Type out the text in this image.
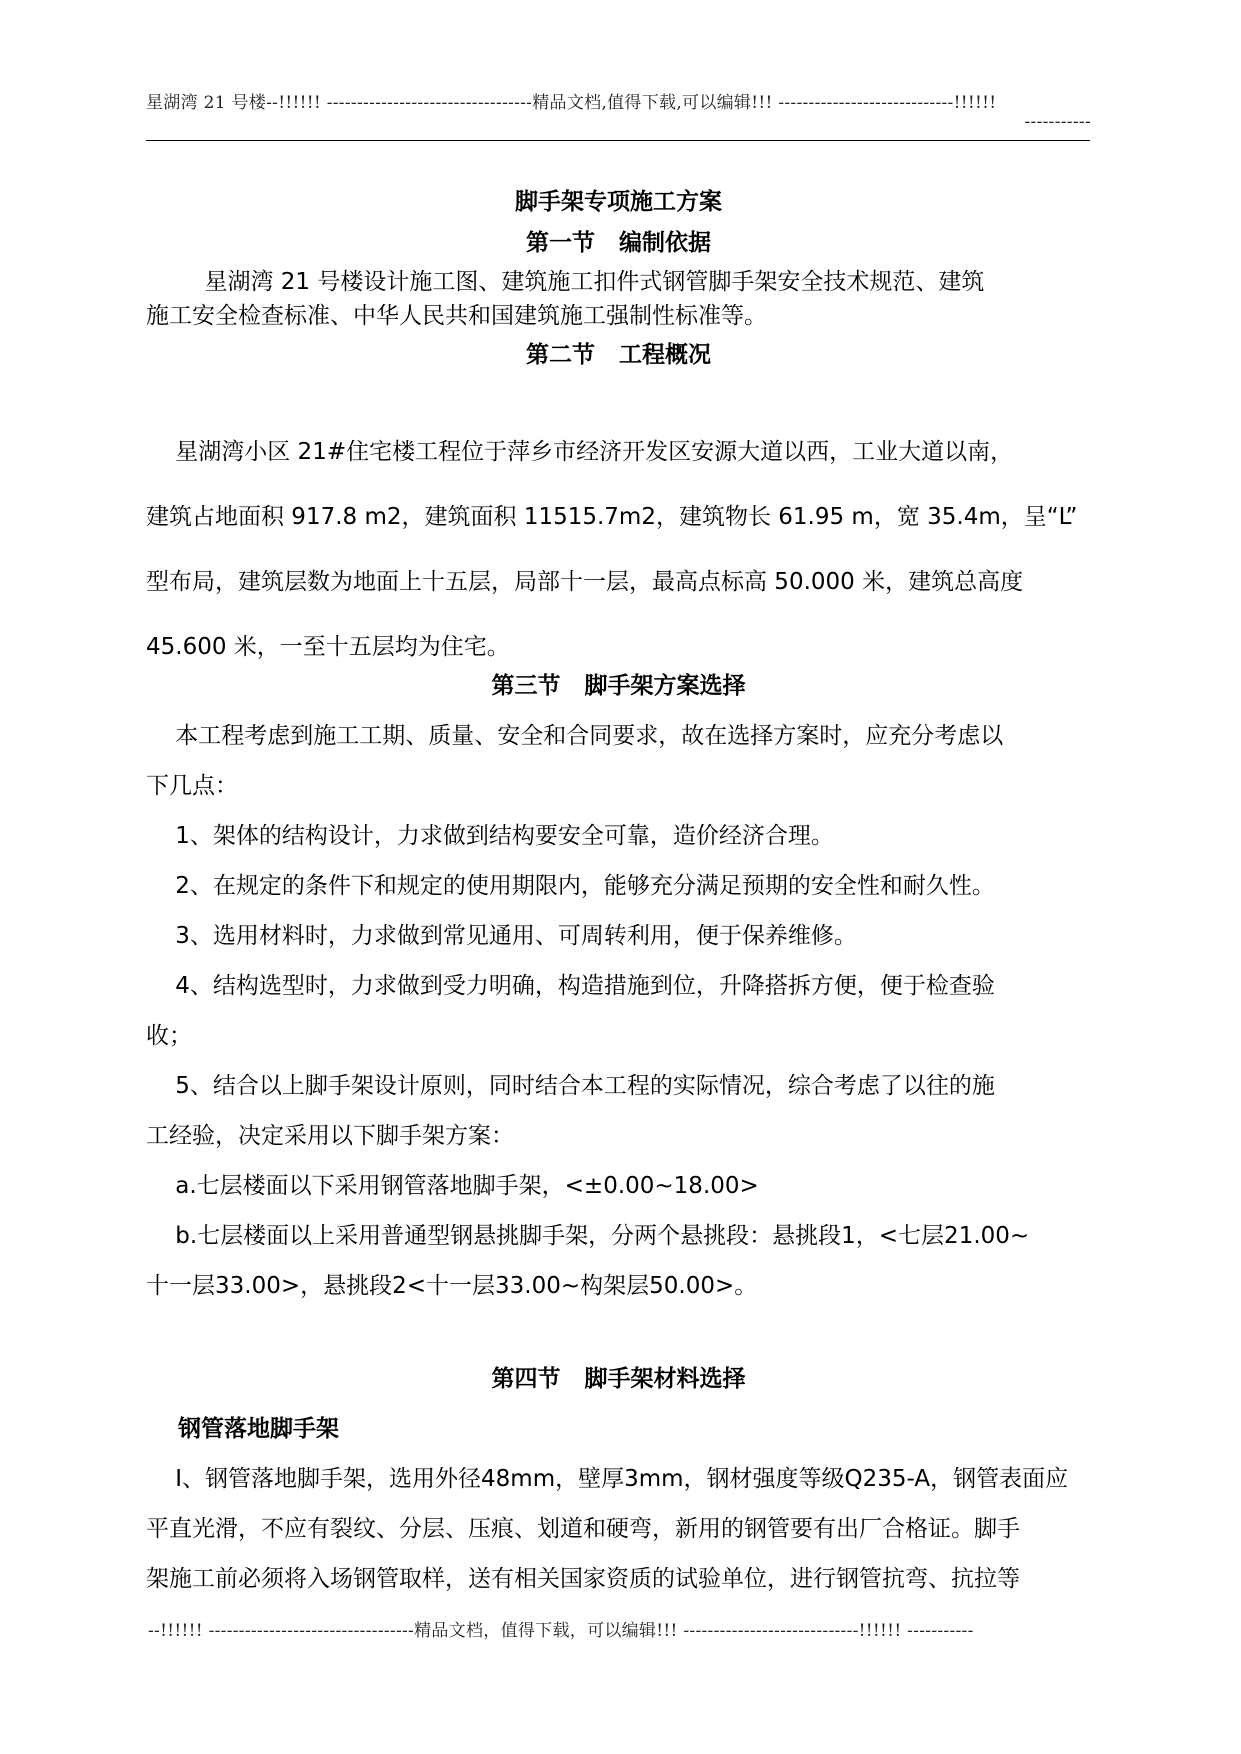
星湖湾 21 号楼--!!!!!! ----------------------------------精品文档,值得下载,可以编辑!!! -----------------------------!!!!!!
-----------
脚手架专项施工方案
第一节   编制依据
星湖湾 21 号楼设计施工图、建筑施工扣件式钢管脚手架安全技术规范、建筑
施工安全检查标准、中华人民共和国建筑施工强制性标准等。
第二节   工程概况
星湖湾小区 21#住宅楼工程位于萍乡市经济开发区安源大道以西，工业大道以南，
建筑占地面积 917.8 m2，建筑面积 11515.7m2，建筑物长 61.95 m，宽 35.4m，呈“L”
型布局，建筑层数为地面上十五层，局部十一层，最高点标高 50.000 米，建筑总高度
45.600 米，一至十五层均为住宅。
第三节   脚手架方案选择
本工程考虑到施工工期、质量、安全和合同要求，故在选择方案时，应充分考虑以
下几点：
1、架体的结构设计，力求做到结构要安全可靠，造价经济合理。
2、在规定的条件下和规定的使用期限内，能够充分满足预期的安全性和耐久性。
3、选用材料时，力求做到常见通用、可周转利用，便于保养维修。
4、结构选型时，力求做到受力明确，构造措施到位，升降搭拆方便，便于检查验
收；
5、结合以上脚手架设计原则，同时结合本工程的实际情况，综合考虑了以往的施
工经验，决定采用以下脚手架方案：
a.七层楼面以下采用钢管落地脚手架，<±0.00~18.00>
b.七层楼面以上采用普通型钢悬挑脚手架，分两个悬挑段：悬挑段1，<七层21.00~
十一层33.00>，悬挑段2<十一层33.00~构架层50.00>。
第四节   脚手架材料选择
钢管落地脚手架
Ⅰ、钢管落地脚手架，选用外径48mm，壁厚3mm，钢材强度等级Q235-A，钢管表面应
平直光滑，不应有裂纹、分层、压痕、划道和硬弯，新用的钢管要有出厂合格证。脚手
架施工前必须将入场钢管取样，送有相关国家资质的试验单位，进行钢管抗弯、抗拉等
--!!!!!! ----------------------------------精品文档，值得下载，可以编辑!!! -----------------------------!!!!!! -----------
